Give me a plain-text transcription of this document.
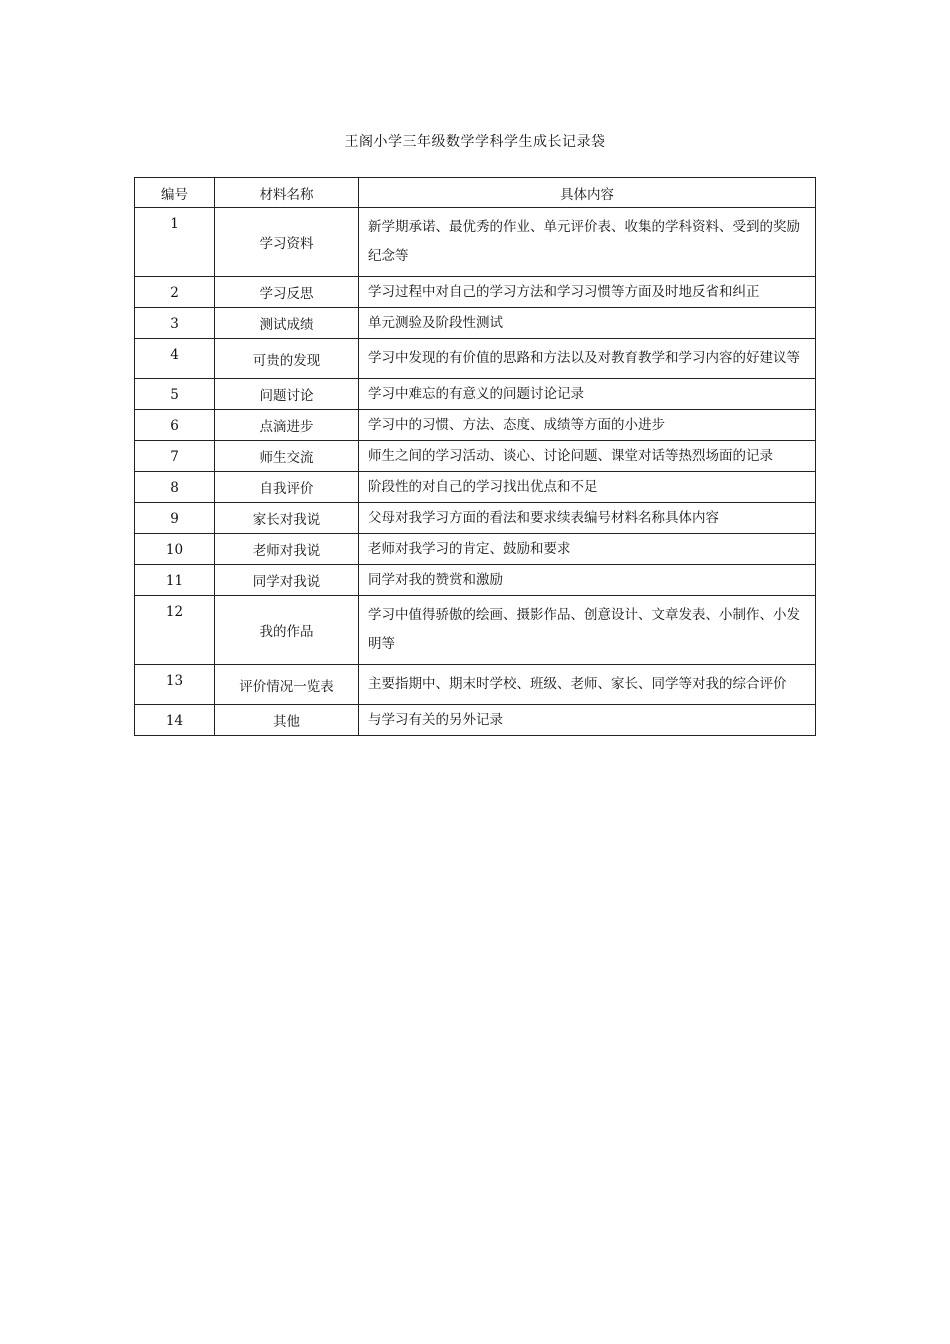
王阁小学三年级数学学科学生成长记录袋
编号	材料名称	具体内容
1	学习资料	新学期承诺、最优秀的作业、单元评价表、收集的学科资料、受到的奖励纪念等
2	学习反思	学习过程中对自己的学习方法和学习习惯等方面及时地反省和纠正
3	测试成绩	单元测验及阶段性测试
4	可贵的发现	学习中发现的有价值的思路和方法以及对教育教学和学习内容的好建议等
5	问题讨论	学习中难忘的有意义的问题讨论记录
6	点滴进步	学习中的习惯、方法、态度、成绩等方面的小进步
7	师生交流	师生之间的学习活动、谈心、讨论问题、课堂对话等热烈场面的记录
8	自我评价	阶段性的对自己的学习找出优点和不足
9	家长对我说	父母对我学习方面的看法和要求续表编号材料名称具体内容
10	老师对我说	老师对我学习的肯定、鼓励和要求
11	同学对我说	同学对我的赞赏和激励
12	我的作品	学习中值得骄傲的绘画、摄影作品、创意设计、文章发表、小制作、小发明等
13	评价情况一览表	主要指期中、期末时学校、班级、老师、家长、同学等对我的综合评价
14	其他	与学习有关的另外记录
